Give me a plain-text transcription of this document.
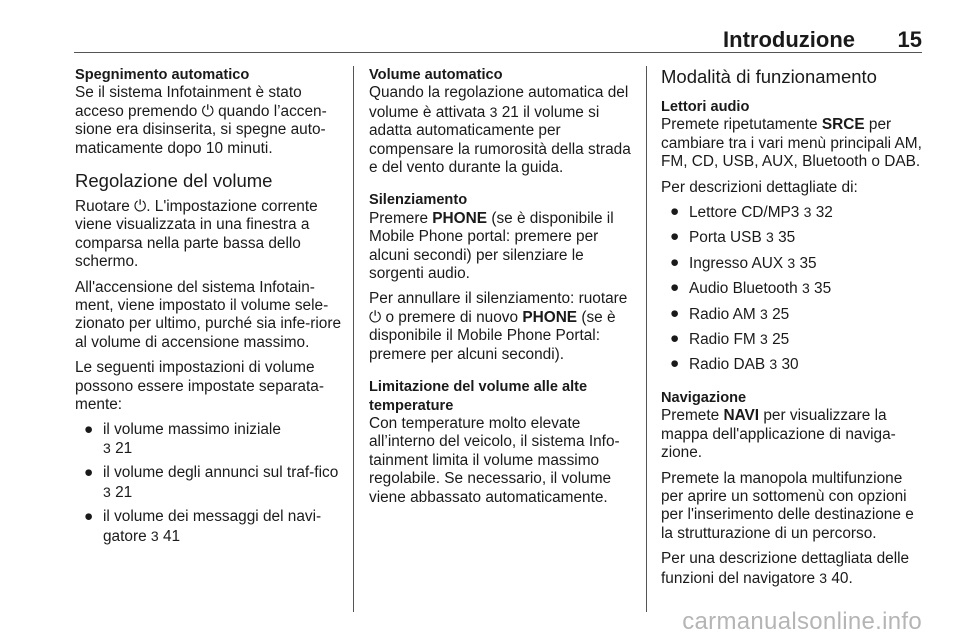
Introduzione 15
Spegnimento automatico

Se il sistema Infotainment è stato acceso premendo ⏻ quando l’accen-sione era disinserita, si spegne auto-maticamente dopo 10 minuti.

Regolazione del volume

Ruotare ⏻. L'impostazione corrente viene visualizzata in una finestra a comparsa nella parte bassa dello schermo.

All'accensione del sistema Infotain-ment, viene impostato il volume sele-zionato per ultimo, purché sia infe-riore al volume di accensione massimo.

Le seguenti impostazioni di volume possono essere impostate separata-mente:

● il volume massimo iniziale
3 21
● il volume degli annunci sul traf-fico 3 21
● il volume dei messaggi del navi-gatore 3 41
Volume automatico

Quando la regolazione automatica del volume è attivata 3 21 il volume si adatta automaticamente per compensare la rumorosità della strada e del vento durante la guida.

Silenziamento

Premere PHONE (se è disponibile il Mobile Phone portal: premere per alcuni secondi) per silenziare le sorgenti audio.

Per annullare il silenziamento: ruotare ⏻ o premere di nuovo PHONE (se è disponibile il Mobile Phone Portal: premere per alcuni secondi).

Limitazione del volume alle alte temperature

Con temperature molto elevate all’interno del veicolo, il sistema Info-tainment limita il volume massimo regolabile. Se necessario, il volume viene abbassato automaticamente.

Modalità di funzionamento
Lettori audio

Premete ripetutamente SRCE per cambiare tra i vari menù principali AM, FM, CD, USB, AUX, Bluetooth o DAB.

Per descrizioni dettagliate di:

● Lettore CD/MP3 3 32
● Porta USB 3 35
● Ingresso AUX 3 35
● Audio Bluetooth 3 35
● Radio AM 3 25
● Radio FM 3 25
● Radio DAB 3 30
Navigazione

Premete NAVI per visualizzare la mappa dell'applicazione di naviga-zione.

Premete la manopola multifunzione per aprire un sottomenù con opzioni per l'inserimento delle destinazione e la strutturazione di un percorso.

Per una descrizione dettagliata delle funzioni del navigatore 3 40.

carmanualsonline.info
